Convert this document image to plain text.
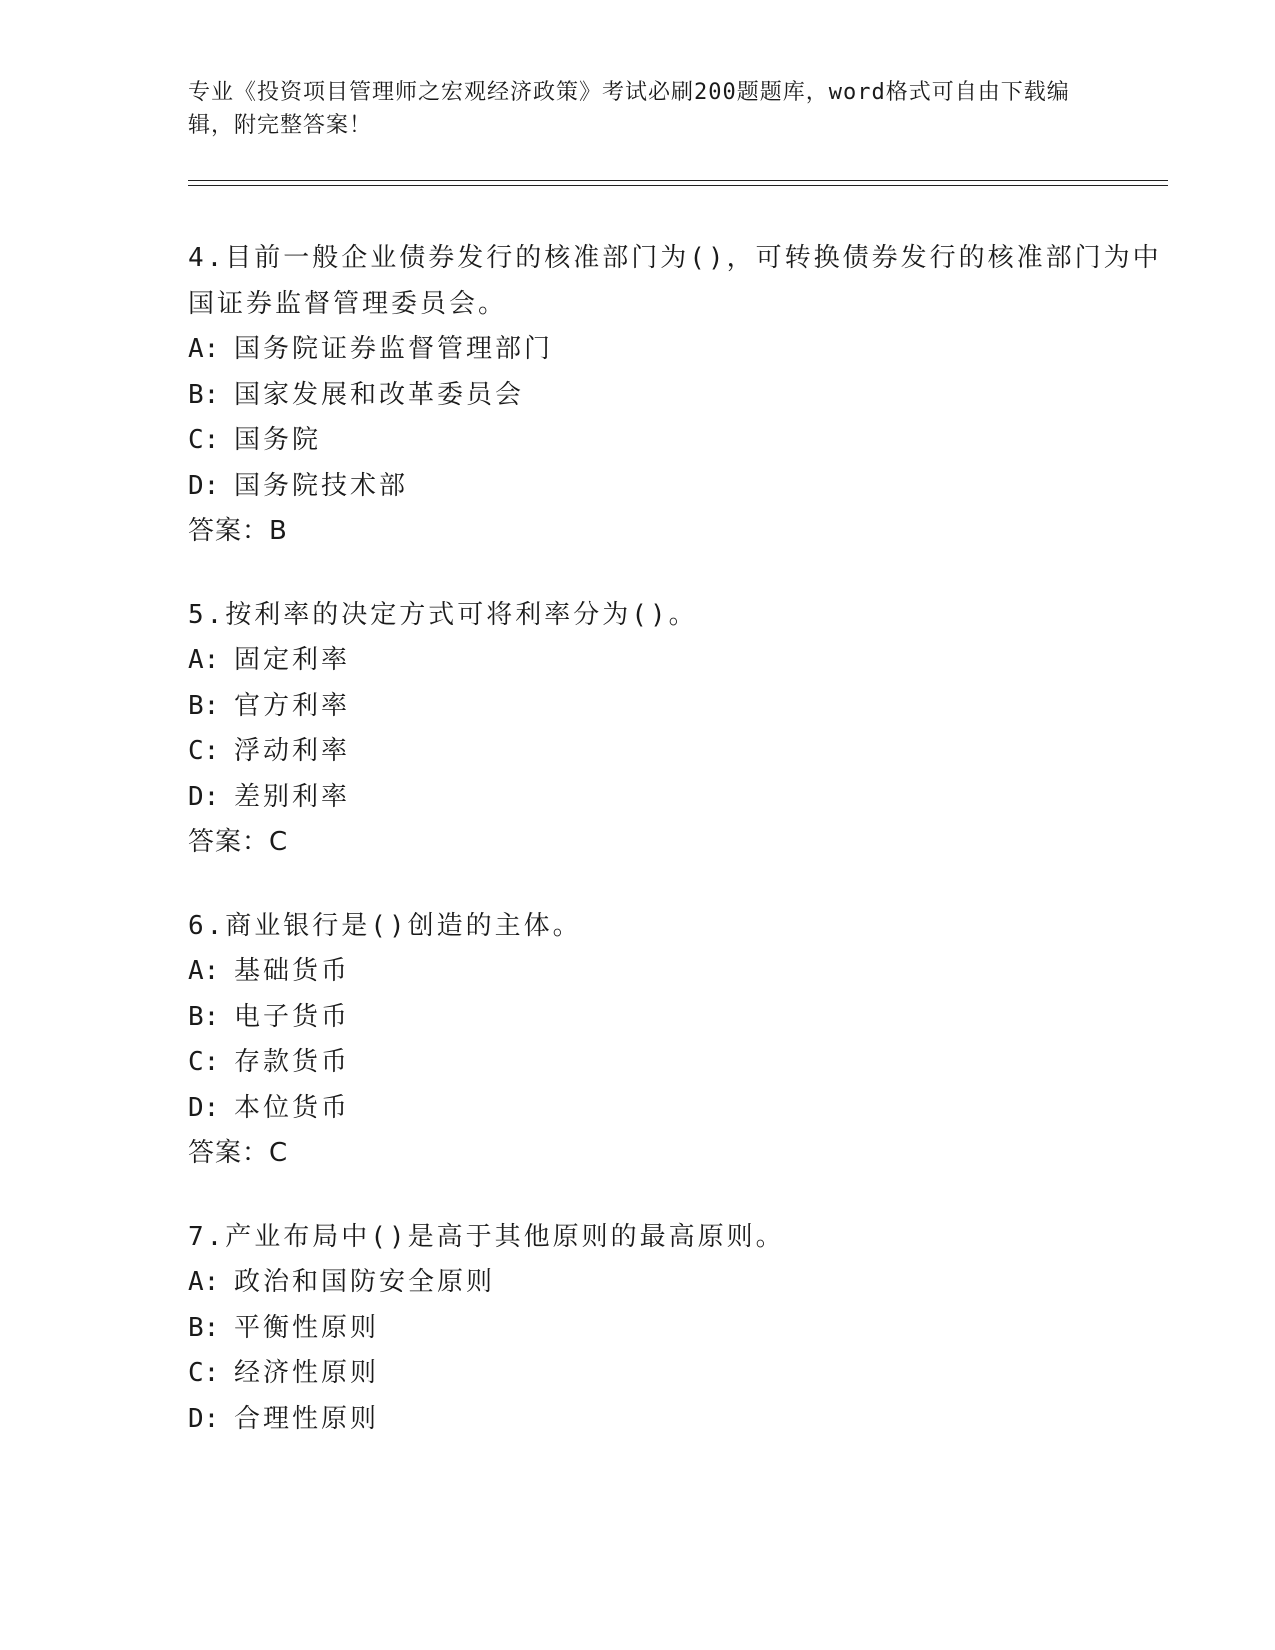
专业《投资项目管理师之宏观经济政策》考试必刷200题题库，word格式可自由下载编辑，附完整答案！

4.目前一般企业债券发行的核准部门为()，可转换债券发行的核准部门为中国证券监督管理委员会。

A: 国务院证券监督管理部门

B: 国家发展和改革委员会

C: 国务院

D: 国务院技术部

答案：B

5.按利率的决定方式可将利率分为()。

A: 固定利率

B: 官方利率

C: 浮动利率

D: 差别利率

答案：C

6.商业银行是()创造的主体。

A: 基础货币

B: 电子货币

C: 存款货币

D: 本位货币

答案：C

7.产业布局中()是高于其他原则的最高原则。

A: 政治和国防安全原则

B: 平衡性原则

C: 经济性原则

D: 合理性原则
